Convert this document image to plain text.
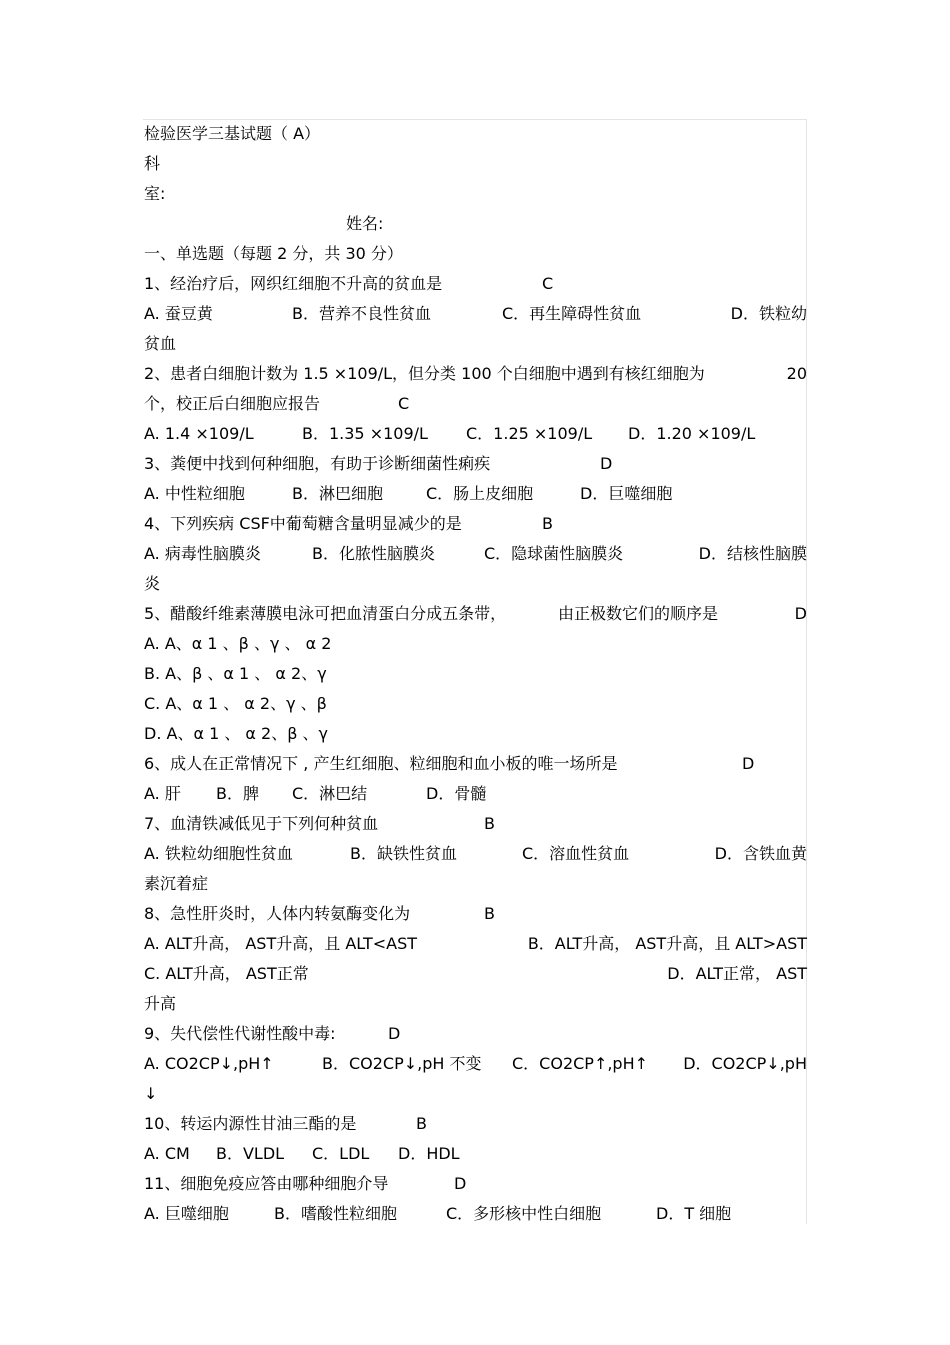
检验医学三基试题（ A）
科
室:
姓名:
一、单选题（每题 2 分，共 30 分）
1、经治疗后，网织红细胞不升高的贫血是	C
A. 蚕豆黄	B．营养不良性贫血	C．再生障碍性贫血	D．铁粒幼
贫血
2、患者白细胞计数为 1.5 ×109/L，但分类 100 个白细胞中遇到有核红细胞为	20
个，校正后白细胞应报告	C
A. 1.4 ×109/L	B．1.35 ×109/L C．1.25 ×109/L D．1.20 ×109/L
3、粪便中找到何种细胞，有助于诊断细菌性痢疾	D
A. 中性粒细胞	B．淋巴细胞	C．肠上皮细胞	D．巨噬细胞
4、下列疾病 CSF中葡萄糖含量明显减少的是	B
A. 病毒性脑膜炎	B．化脓性脑膜炎	C．隐球菌性脑膜炎	D．结核性脑膜
炎
5、醋酸纤维素薄膜电泳可把血清蛋白分成五条带，	由正极数它们的顺序是	D
A. A、α 1 、β 、γ 、 α 2
B. A、β 、α 1 、 α 2、γ
C. A、α 1 、 α 2、γ 、β
D. A、α 1 、 α 2、β 、γ
6、成人在正常情况下 , 产生红细胞、粒细胞和血小板的唯一场所是	D
A. 肝 B．脾 C．淋巴结	D．骨髓
7、血清铁减低见于下列何种贫血	B
A. 铁粒幼细胞性贫血	B．缺铁性贫血	C．溶血性贫血	D．含铁血黄
素沉着症
8、急性肝炎时，人体内转氨酶变化为	B
A. ALT升高， AST升高，且 ALT<AST	B．ALT升高， AST升高，且 ALT>AST
C. ALT升高， AST正常	D．ALT正常， AST
升高
9、失代偿性代谢性酸中毒:	D
A. CO2CP↓,pH↑	B．CO2CP↓,pH 不变 C．CO2CP↑,pH↑ D．CO2CP↓,pH
↓
10、转运内源性甘油三酯的是	B
A. CM B．VLDL C．LDL D．HDL
11、细胞免疫应答由哪种细胞介导	D
A. 巨噬细胞	B．嗜酸性粒细胞	C．多形核中性白细胞	D．T 细胞
